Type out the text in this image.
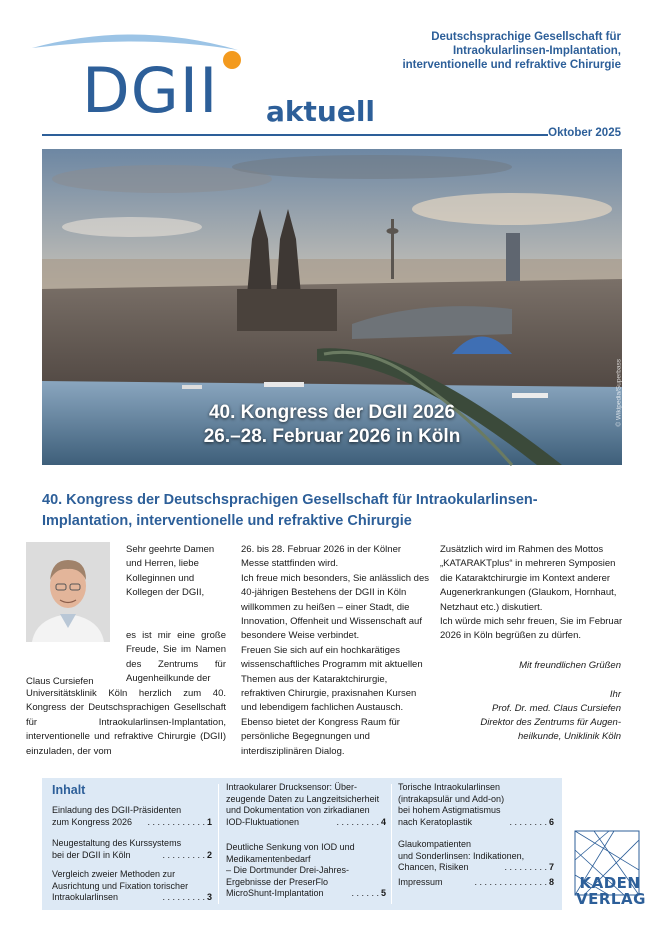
DGII aktuell
Deutschsprachige Gesellschaft für
Intraokularlinsen-Implantation,
interventionelle und refraktive Chirurgie
Oktober 2025
40. Kongress der DGII 2026
26.–28. Februar 2026 in Köln
© Wikipedia/Superbass
40. Kongress der Deutschsprachigen Gesellschaft für Intraokularlinsen-Implantation, interventionelle und refraktive Chirurgie
Claus Cursiefen
Sehr geehrte Damen und Herren, liebe Kolleginnen und Kollegen der DGII,
es ist mir eine große Freude, Sie im Namen des Zentrums für Augenheilkunde der
Universitätsklinik Köln herzlich zum 40. Kongress der Deutschsprachigen Gesellschaft für Intraokularlinsen-Implantation, interventionelle und refraktive Chirurgie (DGII) einzuladen, der vom

26. bis 28. Februar 2026 in der Kölner Messe stattfinden wird.

Ich freue mich besonders, Sie anlässlich des 40-jährigen Bestehens der DGII in Köln willkommen zu heißen – einer Stadt, die Innovation, Offenheit und Wissenschaft auf besondere Weise verbindet.

Freuen Sie sich auf ein hochkarätiges wissenschaftliches Programm mit aktuellen Themen aus der Kataraktchirurgie, refraktiven Chirurgie, praxisnahen Kursen und lebendigem fachlichen Austausch. Ebenso bietet der Kongress Raum für persönliche Begegnungen und interdisziplinären Dialog.

Zusätzlich wird im Rahmen des Mottos „KATARAKTplus“ in mehreren Symposien die Kataraktchirurgie im Kontext anderer Augenerkrankungen (Glaukom, Hornhaut, Netzhaut etc.) diskutiert.

Ich würde mich sehr freuen, Sie im Februar 2026 in Köln begrüßen zu dürfen.

Mit freundlichen Grüßen
Ihr
Prof. Dr. med. Claus Cursiefen
Direktor des Zentrums für Augen-
heilkunde, Uniklinik Köln
Inhalt
Einladung des DGII-Präsidenten
zum Kongress 2026	. . . . . . . . . . . . 1
Neugestaltung des Kurssystems
bei der DGII in Köln	. . . . . . . . . 2
Vergleich zweier Methoden zur
Ausrichtung und Fixation torischer
Intraokularlinsen	. . . . . . . . . 3
Intraokularer Drucksensor: Über-
zeugende Daten zu Langzeitsicherheit
und Dokumentation von zirkadianen
IOD-Fluktuationen	. . . . . . . . . 4
Deutliche Senkung von IOD und
Medikamentenbedarf
– Die Dortmunder Drei-Jahres-
Ergebnisse der PreserFlo
MicroShunt-Implantation	. . . . . . 5
Torische Intraokularlinsen
(intrakapsulär und Add-on)
bei hohem Astigmatismus
nach Keratoplastik	. . . . . . . . 6
Glaukompatienten
und Sonderlinsen: Indikationen,
Chancen, Risiken	. . . . . . . . . 7
Impressum	. . . . . . . . . . . . . . . 8 KADEN
VERLAG
